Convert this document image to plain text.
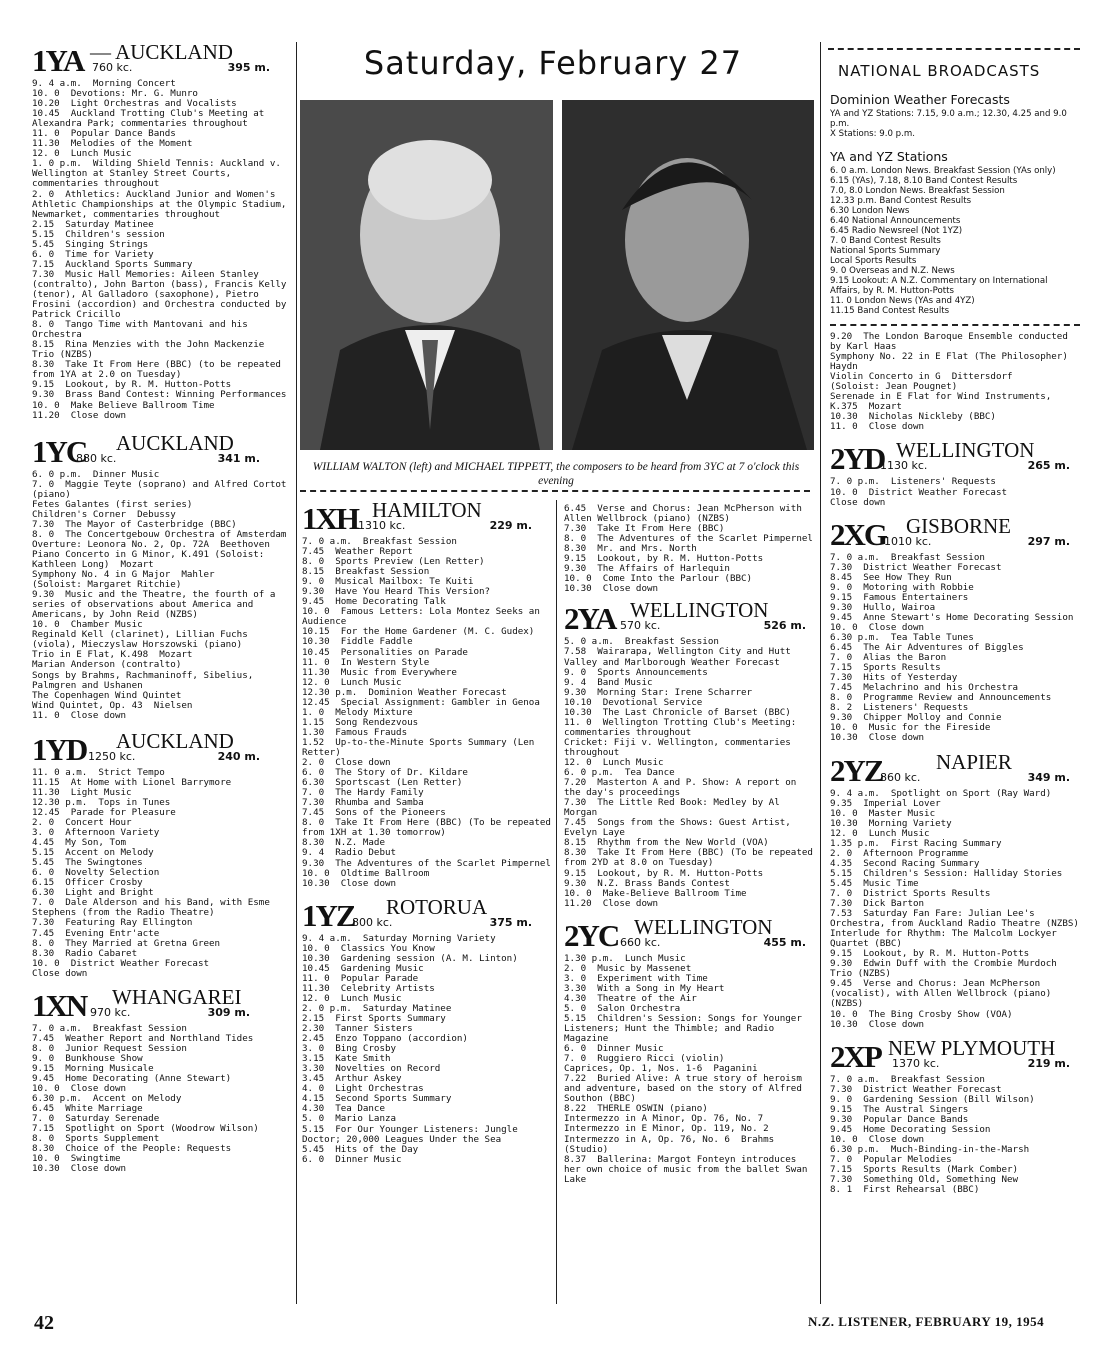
Saturday, February 27
WILLIAM WALTON (left) and MICHAEL TIPPETT, the composers to be heard from 3YC at 7 o'clock this evening
1YA — AUCKLAND
760 kc.	395 m.
9. 4 a.m.  Morning Concert
10. 0  Devotions: Mr. G. Munro
10.20  Light Orchestras and Vocalists
10.45  Auckland Trotting Club's Meeting at Alexandra Park; commentaries throughout
11. 0  Popular Dance Bands
11.30  Melodies of the Moment
12. 0  Lunch Music
1. 0 p.m.  Wilding Shield Tennis: Auckland v. Wellington at Stanley Street Courts, commentaries throughout
2. 0  Athletics: Auckland Junior and Women's Athletic Championships at the Olympic Stadium, Newmarket, commentaries throughout
2.15  Saturday Matinee
5.15  Children's session
5.45  Singing Strings
6. 0  Time for Variety
7.15  Auckland Sports Summary
7.30  Music Hall Memories: Aileen Stanley (contralto), John Barton (bass), Francis Kelly (tenor), Al Galladoro (saxophone), Pietro Frosini (accordion) and Orchestra conducted by Patrick Cricillo
8. 0  Tango Time with Mantovani and his Orchestra
8.15  Rina Menzies with the John Mackenzie Trio (NZBS)
8.30  Take It From Here (BBC) (to be repeated from 1YA at 2.0 on Tuesday)
9.15  Lookout, by R. M. Hutton-Potts
9.30  Brass Band Contest: Winning Performances
10. 0  Make Believe Ballroom Time
11.20  Close down
1YC AUCKLAND
880 kc.	341 m.
6. 0 p.m.  Dinner Music
7. 0  Maggie Teyte (soprano) and Alfred Cortot (piano)
Fetes Galantes (first series)
Children's Corner  Debussy
7.30  The Mayor of Casterbridge (BBC)
8. 0  The Concertgebouw Orchestra of Amsterdam
Overture: Leonora No. 2, Op. 72A  Beethoven
Piano Concerto in G Minor, K.491 (Soloist: Kathleen Long)  Mozart
Symphony No. 4 in G Major  Mahler
(Soloist: Margaret Ritchie)
9.30  Music and the Theatre, the fourth of a series of observations about America and Americans, by John Reid (NZBS)
10. 0  Chamber Music
Reginald Kell (clarinet), Lillian Fuchs (viola), Mieczyslaw Horszowski (piano)
Trio in E Flat, K.498  Mozart
Marian Anderson (contralto)
Songs by Brahms, Rachmaninoff, Sibelius, Palmgren and Ushanen
The Copenhagen Wind Quintet
Wind Quintet, Op. 43  Nielsen
11. 0  Close down
1YD AUCKLAND
1250 kc.	240 m.
11. 0 a.m.  Strict Tempo
11.15  At Home with Lionel Barrymore
11.30  Light Music
12.30 p.m.  Tops in Tunes
12.45  Parade for Pleasure
2. 0  Concert Hour
3. 0  Afternoon Variety
4.45  My Son, Tom
5.15  Accent on Melody
5.45  The Swingtones
6. 0  Novelty Selection
6.15  Officer Crosby
6.30  Light and Bright
7. 0  Dale Alderson and his Band, with Esme Stephens (from the Radio Theatre)
7.30  Featuring Ray Ellington
7.45  Evening Entr'acte
8. 0  They Married at Gretna Green
8.30  Radio Cabaret
10. 0  District Weather Forecast
Close down
1XN WHANGAREI
970 kc.	309 m.
7. 0 a.m.  Breakfast Session
7.45  Weather Report and Northland Tides
8. 0  Junior Request Session
9. 0  Bunkhouse Show
9.15  Morning Musicale
9.45  Home Decorating (Anne Stewart)
10. 0  Close down
6.30 p.m.  Accent on Melody
6.45  White Marriage
7. 0  Saturday Serenade
7.15  Spotlight on Sport (Woodrow Wilson)
8. 0  Sports Supplement
8.30  Choice of the People: Requests
10. 0  Swingtime
10.30  Close down
1XH HAMILTON
1310 kc.	229 m.
7. 0 a.m.  Breakfast Session
7.45  Weather Report
8. 0  Sports Preview (Len Retter)
8.15  Breakfast Session
9. 0  Musical Mailbox: Te Kuiti
9.30  Have You Heard This Version?
9.45  Home Decorating Talk
10. 0  Famous Letters: Lola Montez Seeks an Audience
10.15  For the Home Gardener (M. C. Gudex)
10.30  Fiddle Faddle
10.45  Personalities on Parade
11. 0  In Western Style
11.30  Music from Everywhere
12. 0  Lunch Music
12.30 p.m.  Dominion Weather Forecast
12.45  Special Assignment: Gambler in Genoa
1. 0  Melody Mixture
1.15  Song Rendezvous
1.30  Famous Frauds
1.52  Up-to-the-Minute Sports Summary (Len Retter)
2. 0  Close down
6. 0  The Story of Dr. Kildare
6.30  Sportscast (Len Retter)
7. 0  The Hardy Family
7.30  Rhumba and Samba
7.45  Sons of the Pioneers
8. 0  Take It From Here (BBC) (To be repeated from 1XH at 1.30 tomorrow)
8.30  N.Z. Made
9. 4  Radio Debut
9.30  The Adventures of the Scarlet Pimpernel
10. 0  Oldtime Ballroom
10.30  Close down
1YZ ROTORUA
800 kc.	375 m.
9. 4 a.m.  Saturday Morning Variety
10. 0  Classics You Know
10.30  Gardening session (A. M. Linton)
10.45  Gardening Music
11. 0  Popular Parade
11.30  Celebrity Artists
12. 0  Lunch Music
2. 0 p.m.  Saturday Matinee
2.15  First Sports Summary
2.30  Tanner Sisters
2.45  Enzo Toppano (accordion)
3. 0  Bing Crosby
3.15  Kate Smith
3.30  Novelties on Record
3.45  Arthur Askey
4. 0  Light Orchestras
4.15  Second Sports Summary
4.30  Tea Dance
5. 0  Mario Lanza
5.15  For Our Younger Listeners: Jungle Doctor; 20,000 Leagues Under the Sea
5.45  Hits of the Day
6. 0  Dinner Music
6.45  Verse and Chorus: Jean McPherson with Allen Wellbrock (piano) (NZBS)
7.30  Take It From Here (BBC)
8. 0  The Adventures of the Scarlet Pimpernel
8.30  Mr. and Mrs. North
9.15  Lookout, by R. M. Hutton-Potts
9.30  The Affairs of Harlequin
10. 0  Come Into the Parlour (BBC)
10.30  Close down
2YA WELLINGTON
570 kc.	526 m.
5. 0 a.m.  Breakfast Session
7.58  Wairarapa, Wellington City and Hutt Valley and Marlborough Weather Forecast
9. 0  Sports Announcements
9. 4  Band Music
9.30  Morning Star: Irene Scharrer
10.10  Devotional Service
10.30  The Last Chronicle of Barset (BBC)
11. 0  Wellington Trotting Club's Meeting: commentaries throughout
Cricket: Fiji v. Wellington, commentaries throughout
12. 0  Lunch Music
6. 0 p.m.  Tea Dance
7.20  Masterton A and P. Show: A report on the day's proceedings
7.30  The Little Red Book: Medley by Al Morgan
7.45  Songs from the Shows: Guest Artist, Evelyn Laye
8.15  Rhythm from the New World (VOA)
8.30  Take It From Here (BBC) (To be repeated from 2YD at 8.0 on Tuesday)
9.15  Lookout, by R. M. Hutton-Potts
9.30  N.Z. Brass Bands Contest
10. 0  Make-Believe Ballroom Time
11.20  Close down
2YC WELLINGTON
660 kc.	455 m.
1.30 p.m.  Lunch Music
2. 0  Music by Massenet
3. 0  Experiment with Time
3.30  With a Song in My Heart
4.30  Theatre of the Air
5. 0  Salon Orchestra
5.15  Children's Session: Songs for Younger Listeners; Hunt the Thimble; and Radio Magazine
6. 0  Dinner Music
7. 0  Ruggiero Ricci (violin)
Caprices, Op. 1, Nos. 1-6  Paganini
7.22  Buried Alive: A true story of heroism and adventure, based on the story of Alfred Southon (BBC)
8.22  THERLE OSWIN (piano)
Intermezzo in A Minor, Op. 76, No. 7
Intermezzo in E Minor, Op. 119, No. 2
Intermezzo in A, Op. 76, No. 6  Brahms (Studio)
8.37  Ballerina: Margot Fonteyn introduces her own choice of music from the ballet Swan Lake
NATIONAL BROADCASTS
Dominion Weather Forecasts
YA and YZ Stations: 7.15, 9.0 a.m.; 12.30, 4.25 and 9.0 p.m.
X Stations: 9.0 p.m.
YA and YZ Stations
6. 0 a.m. London News. Breakfast Session (YAs only)
6.15 (YAs), 7.18, 8.10 Band Contest Results
7.0, 8.0 London News. Breakfast Session
12.33 p.m. Band Contest Results
6.30 London News
6.40 National Announcements
6.45 Radio Newsreel (Not 1YZ)
7. 0 Band Contest Results
National Sports Summary
Local Sports Results
9. 0 Overseas and N.Z. News
9.15 Lookout: A N.Z. Commentary on International Affairs, by R. M. Hutton-Potts
11. 0 London News (YAs and 4YZ)
11.15 Band Contest Results
9.20  The London Baroque Ensemble conducted by Karl Haas
Symphony No. 22 in E Flat (The Philosopher)  Haydn
Violin Concerto in G  Dittersdorf
(Soloist: Jean Pougnet)
Serenade in E Flat for Wind Instruments, K.375  Mozart
10.30  Nicholas Nickleby (BBC)
11. 0  Close down
2YD WELLINGTON
1130 kc.	265 m.
7. 0 p.m.  Listeners' Requests
10. 0  District Weather Forecast
Close down
2XG GISBORNE
1010 kc.	297 m.
7. 0 a.m.  Breakfast Session
7.30  District Weather Forecast
8.45  See How They Run
9. 0  Motoring with Robbie
9.15  Famous Entertainers
9.30  Hullo, Wairoa
9.45  Anne Stewart's Home Decorating Session
10. 0  Close down
6.30 p.m.  Tea Table Tunes
6.45  The Air Adventures of Biggles
7. 0  Alias the Baron
7.15  Sports Results
7.30  Hits of Yesterday
7.45  Melachrino and his Orchestra
8. 0  Programme Review and Announcements
8. 2  Listeners' Requests
9.30  Chipper Molloy and Connie
10. 0  Music for the Fireside
10.30  Close down
2YZ	NAPIER
860 kc.	349 m.
9. 4 a.m.  Spotlight on Sport (Ray Ward)
9.35  Imperial Lover
10. 0  Master Music
10.30  Morning Variety
12. 0  Lunch Music
1.35 p.m.  First Racing Summary
2. 0  Afternoon Programme
4.35  Second Racing Summary
5.15  Children's Session: Halliday Stories
5.45  Music Time
7. 0  District Sports Results
7.30  Dick Barton
7.53  Saturday Fan Fare: Julian Lee's Orchestra, from Auckland Radio Theatre (NZBS)
Interlude for Rhythm: The Malcolm Lockyer Quartet (BBC)
9.15  Lookout, by R. M. Hutton-Potts
9.30  Edwin Duff with the Crombie Murdoch Trio (NZBS)
9.45  Verse and Chorus: Jean McPherson (vocalist), with Allen Wellbrock (piano) (NZBS)
10. 0  The Bing Crosby Show (VOA)
10.30  Close down
2XP NEW PLYMOUTH
1370 kc.	219 m.
7. 0 a.m.  Breakfast Session
7.30  District Weather Forecast
9. 0  Gardening Session (Bill Wilson)
9.15  The Austral Singers
9.30  Popular Dance Bands
9.45  Home Decorating Session
10. 0  Close down
6.30 p.m.  Much-Binding-in-the-Marsh
7. 0  Popular Melodies
7.15  Sports Results (Mark Comber)
7.30  Something Old, Something New
8. 1  First Rehearsal (BBC)
42	N.Z. LISTENER, FEBRUARY 19, 1954
